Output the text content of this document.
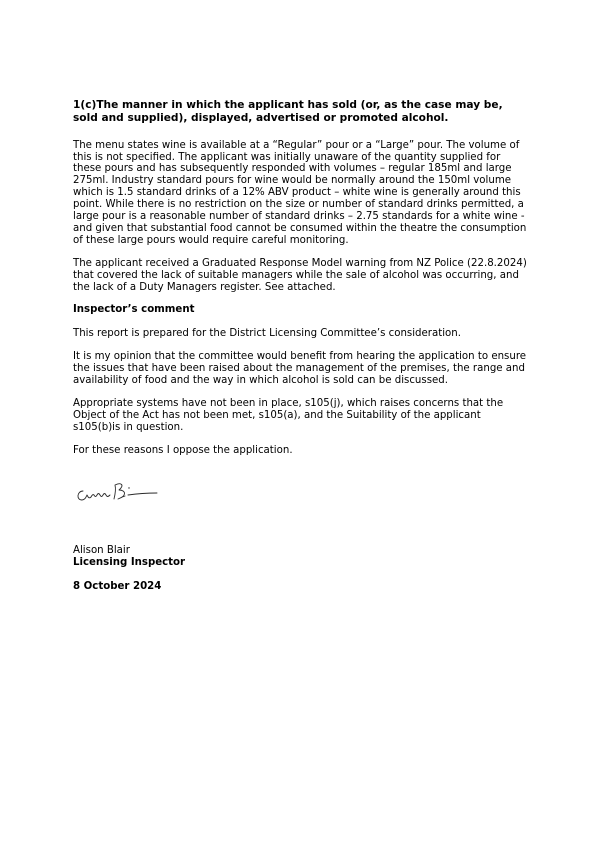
1(c)The manner in which the applicant has sold (or, as the case may be, sold and supplied), displayed, advertised or promoted alcohol.

The menu states wine is available at a “Regular” pour or a “Large” pour. The volume of this is not specified. The applicant was initially unaware of the quantity supplied for these pours and has subsequently responded with volumes – regular 185ml and large 275ml. Industry standard pours for wine would be normally around the 150ml volume which is 1.5 standard drinks of a 12% ABV product – white wine is generally around this point. While there is no restriction on the size or number of standard drinks permitted, a large pour is a reasonable number of standard drinks – 2.75 standards for a white wine - and given that substantial food cannot be consumed within the theatre the consumption of these large pours would require careful monitoring.

The applicant received a Graduated Response Model warning from NZ Police (22.8.2024) that covered the lack of suitable managers while the sale of alcohol was occurring, and the lack of a Duty Managers register. See attached.

Inspector’s comment

This report is prepared for the District Licensing Committee’s consideration.

It is my opinion that the committee would benefit from hearing the application to ensure the issues that have been raised about the management of the premises, the range and availability of food and the way in which alcohol is sold can be discussed.

Appropriate systems have not been in place, s105(j), which raises concerns that the Object of the Act has not been met, s105(a), and the Suitability of the applicant s105(b)is in question.

For these reasons I oppose the application.

Alison Blair
Licensing Inspector
8 October 2024
